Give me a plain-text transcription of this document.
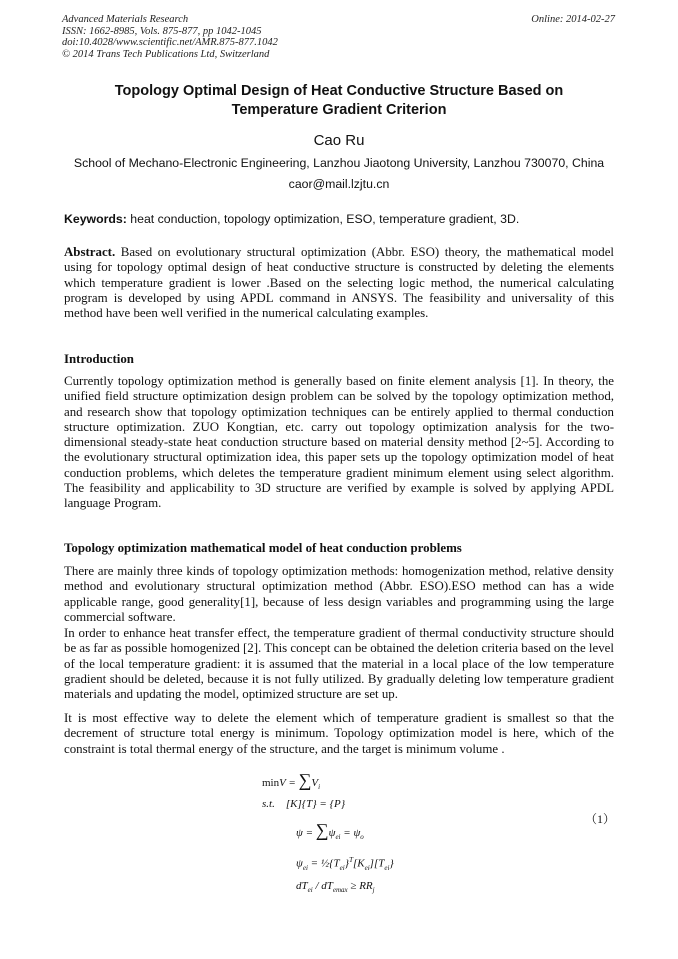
Advanced Materials Research
ISSN: 1662-8985, Vols. 875-877, pp 1042-1045
doi:10.4028/www.scientific.net/AMR.875-877.1042
© 2014 Trans Tech Publications Ltd, Switzerland
Online: 2014-02-27
Topology Optimal Design of Heat Conductive Structure Based on
Temperature Gradient Criterion
Cao Ru
School of Mechano-Electronic Engineering, Lanzhou Jiaotong University, Lanzhou 730070, China
caor@mail.lzjtu.cn
Keywords: heat conduction, topology optimization, ESO, temperature gradient, 3D.
Abstract. Based on evolutionary structural optimization (Abbr. ESO) theory, the mathematical model using for topology optimal design of heat conductive structure is constructed by deleting the elements which temperature gradient is lower .Based on the selecting logic method, the numerical calculating program is developed by using APDL command in ANSYS. The feasibility and universality of this method have been well verified in the numerical calculating examples.
Introduction
Currently topology optimization method is generally based on finite element analysis [1]. In theory, the unified field structure optimization design problem can be solved by the topology optimization method, and research show that topology optimization techniques can be entirely applied to thermal conduction structure optimization. ZUO Kongtian, etc. carry out topology optimization analysis for the two-dimensional steady-state heat conduction structure based on material density method [2~5]. According to the evolutionary structural optimization idea, this paper sets up the topology optimization model of heat conduction problems, which deletes the temperature gradient minimum element using select algorithm. The feasibility and applicability to 3D structure are verified by example is solved by applying APDL language Program.
Topology optimization mathematical model of heat conduction problems
There are mainly three kinds of topology optimization methods: homogenization method, relative density method and evolutionary structural optimization method (Abbr. ESO).ESO method can has a wide applicable range, good generality[1], because of less design variables and programming using the large commercial software.
In order to enhance heat transfer effect, the temperature gradient of thermal conductivity structure should be as far as possible homogenized [2]. This concept can be obtained the deletion criteria based on the level of the local temperature gradient: it is assumed that the material in a local place of the low temperature gradient should be deleted, because it is not fully utilized. By gradually deleting low temperature gradient materials and updating the model, optimized structure are set up.
It is most effective way to delete the element which of temperature gradient is smallest so that the decrement of structure total energy is minimum. Topology optimization model is here, which of the constraint is total thermal energy of the structure, and the target is minimum volume .
$\min V = \sum V_i$
s.t.    [K]{T} = {P}
$\psi = \sum\psi_{ei} = \psi_o$
$\psi_{ei}$ = $\frac{1}{2}\{T_{ei}\}^T[K_{ei}][T_{ei}\}$
$dT_{ei} / dT_{emax} \ge RR_j$
（1）
